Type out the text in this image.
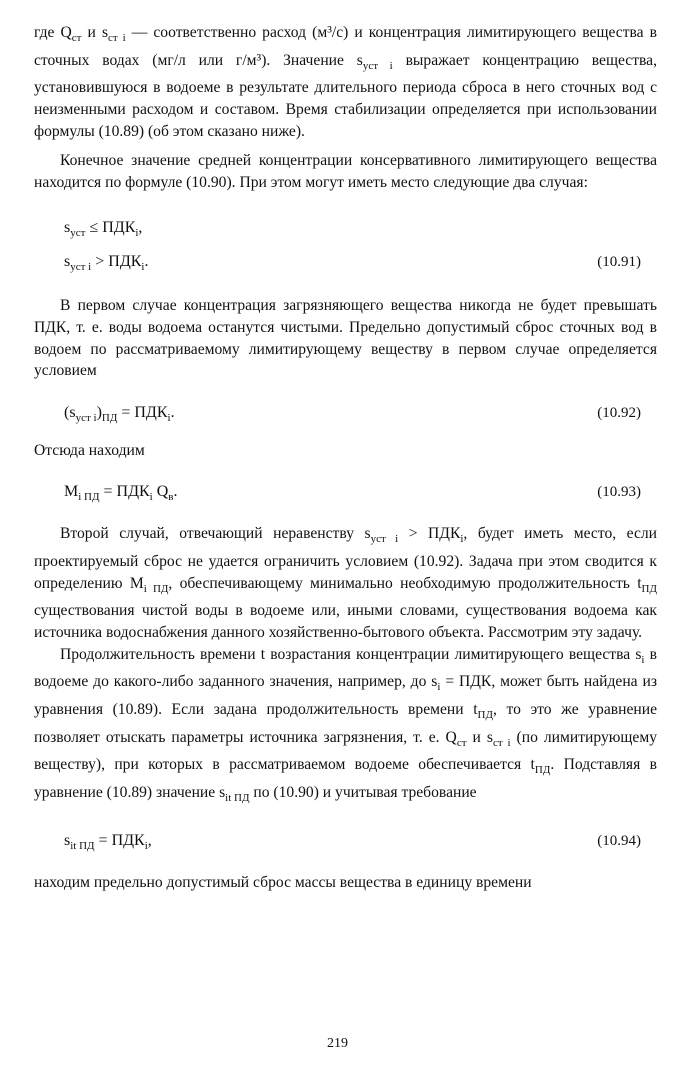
где $Q_{ст}$ и $s_{ст i}$ — соответственно расход (м³/с) и концентрация лимитирующего вещества в сточных водах (мг/л или г/м³). Значение $s_{уст i}$ выражает концентрацию вещества, установившуюся в водоеме в результате длительного периода сброса в него сточных вод с неизменными расходом и составом. Время стабилизации определяется при использовании формулы (10.89) (об этом сказано ниже).

Конечное значение средней концентрации консервативного лимитирующего вещества находится по формуле (10.90). При этом могут иметь место следующие два случая:

$s_{уст} \le ПДК_i$,
$s_{уст i} > ПДК_i$.	(10.91)

В первом случае концентрация загрязняющего вещества никогда не будет превышать ПДК, т. е. воды водоема останутся чистыми. Предельно допустимый сброс сточных вод в водоем по рассматриваемому лимитирующему веществу в первом случае определяется условием

$(s_{уст i})_{ПД} = ПДК_i$.	(10.92)

Отсюда находим

$M_{i ПД} = ПДК_i$ $Q_в$.	(10.93)

Второй случай, отвечающий неравенству $s_{уст i} > ПДК_i$, будет иметь место, если проектируемый сброс не удается ограничить условием (10.92). Задача при этом сводится к определению $M_{i ПД}$, обеспечивающему минимально необходимую продолжительность $t_{ПД}$ существования чистой воды в водоеме или, иными словами, существования водоема как источника водоснабжения данного хозяйственно-бытового объекта. Рассмотрим эту задачу.

Продолжительность времени t возрастания концентрации лимитирующего вещества $s_i$ в водоеме до какого-либо заданного значения, например, до $s_i$ = ПДК, может быть найдена из уравнения (10.89). Если задана продолжительность времени $t_{ПД}$, то это же уравнение позволяет отыскать параметры источника загрязнения, т. е. $Q_{ст}$ и $s_{ст i}$ (по лимитирующему веществу), при которых в рассматриваемом водоеме обеспечивается $t_{ПД}$. Подставляя в уравнение (10.89) значение $s_{it ПД}$ по (10.90) и учитывая требование

$s_{it ПД} = ПДК_i$,	(10.94)

находим предельно допустимый сброс массы вещества в единицу времени

219
